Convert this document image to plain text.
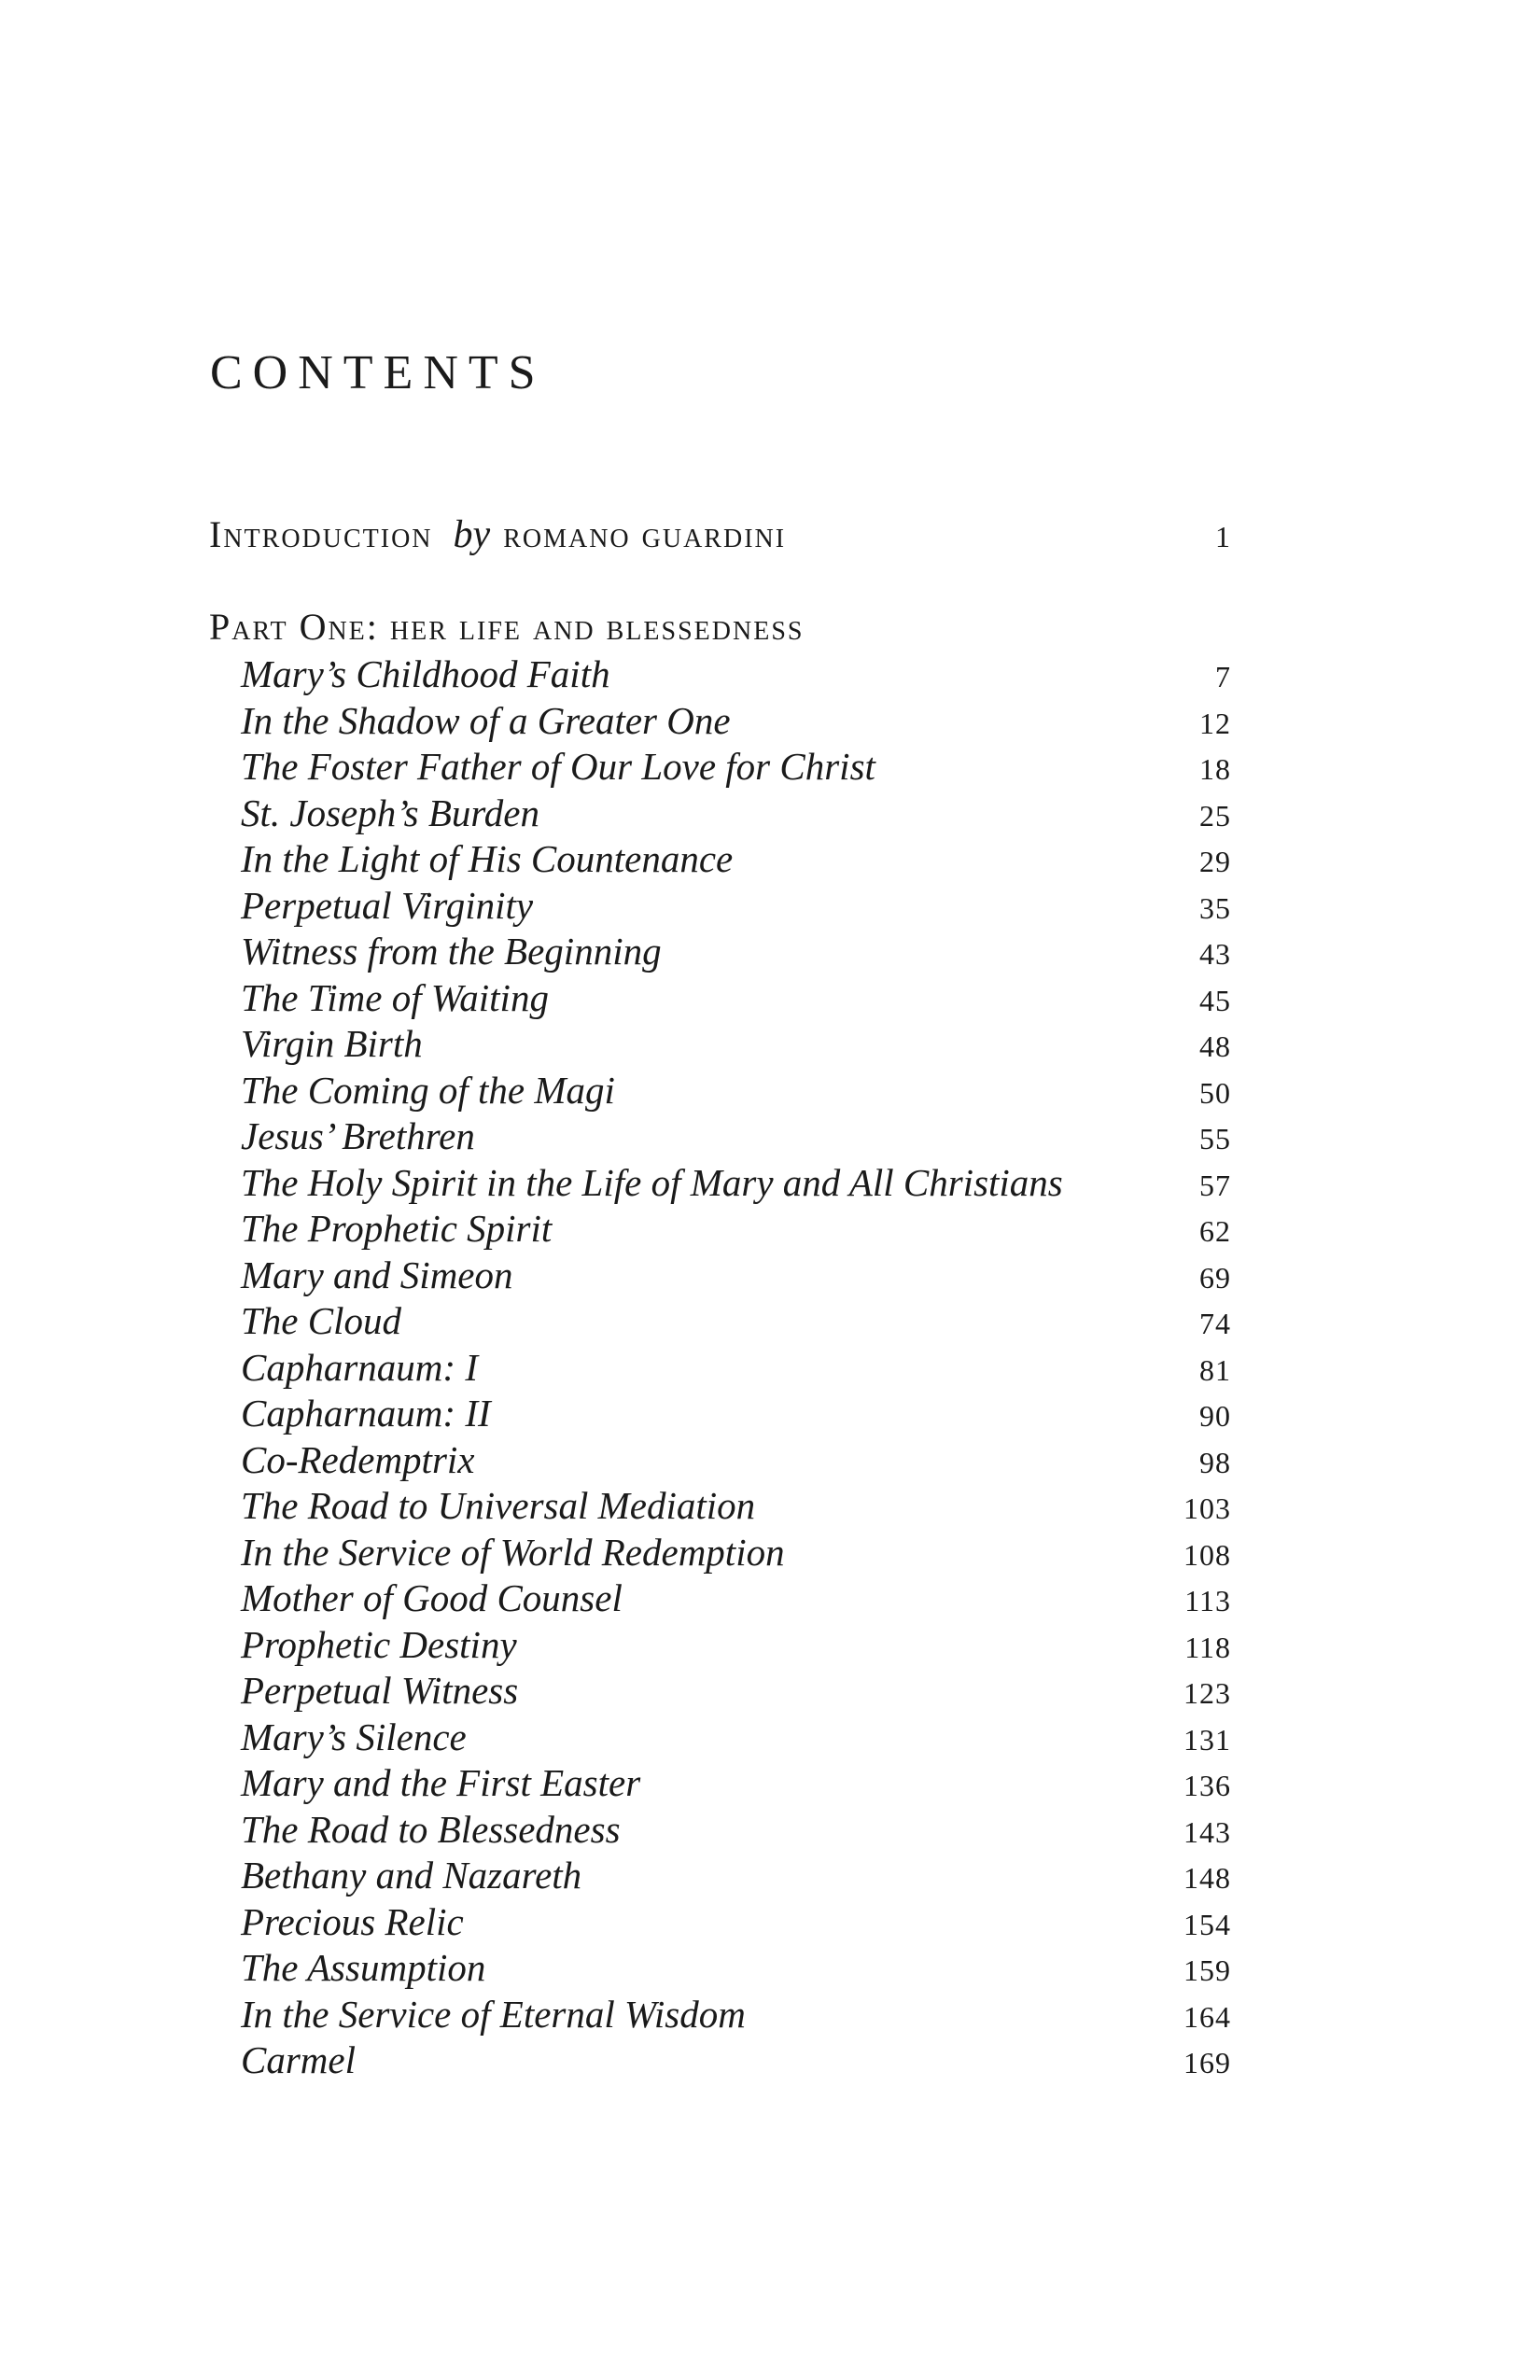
contents
Introduction by romano guardini	1
Part One: her life and blessedness
Mary’s Childhood Faith	7
In the Shadow of a Greater One	12
The Foster Father of Our Love for Christ	18
St. Joseph’s Burden	25
In the Light of His Countenance	29
Perpetual Virginity	35
Witness from the Beginning	43
The Time of Waiting	45
Virgin Birth	48
The Coming of the Magi	50
Jesus’ Brethren	55
The Holy Spirit in the Life of Mary and All Christians	57
The Prophetic Spirit	62
Mary and Simeon	69
The Cloud	74
Capharnaum: I	81
Capharnaum: II	90
Co-Redemptrix	98
The Road to Universal Mediation	103
In the Service of World Redemption	108
Mother of Good Counsel	113
Prophetic Destiny	118
Perpetual Witness	123
Mary’s Silence	131
Mary and the First Easter	136
The Road to Blessedness	143
Bethany and Nazareth	148
Precious Relic	154
The Assumption	159
In the Service of Eternal Wisdom	164
Carmel	169
